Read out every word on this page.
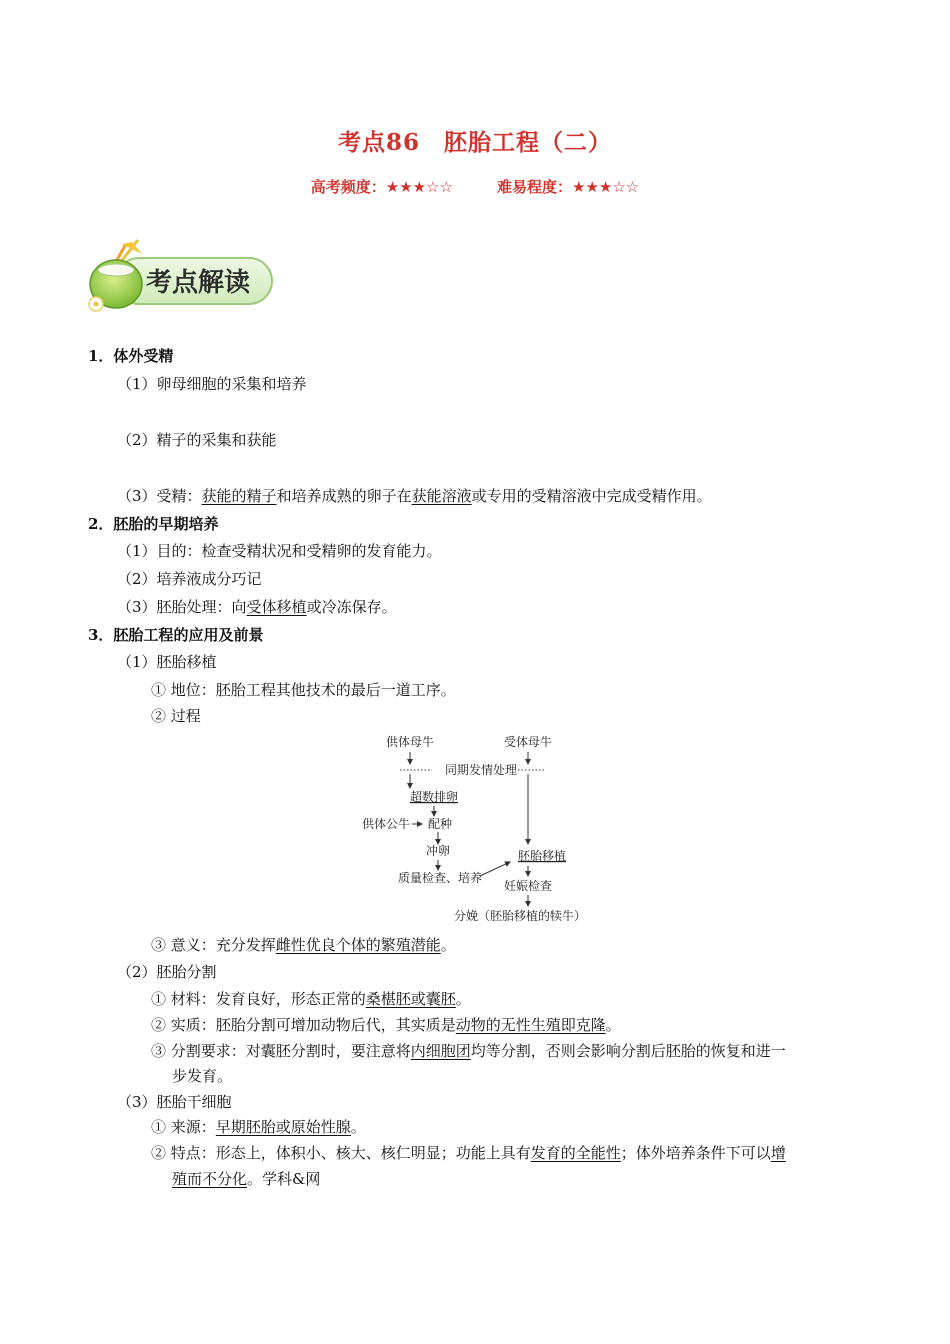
考点86　胚胎工程（二）
高考频度：★★★☆☆	难易程度：★★★☆☆
考点解读
1．体外受精
（1）卵母细胞的采集和培养
（2）精子的采集和获能
（3）受精：获能的精子和培养成熟的卵子在获能溶液或专用的受精溶液中完成受精作用。
2．胚胎的早期培养
（1）目的：检查受精状况和受精卵的发育能力。
（2）培养液成分巧记
（3）胚胎处理：向受体移植或冷冻保存。
3．胚胎工程的应用及前景
（1）胚胎移植
① 地位：胚胎工程其他技术的最后一道工序。
② 过程
供体母牛	受体母牛
同期发情处理
超数排卵
供体公牛 配种
冲卵
质量检查、培养
胚胎移植
妊娠检查
分娩（胚胎移植的犊牛）
③ 意义：充分发挥雌性优良个体的繁殖潜能。
（2）胚胎分割
① 材料：发育良好，形态正常的桑椹胚或囊胚。
② 实质：胚胎分割可增加动物后代，其实质是动物的无性生殖即克隆。
③ 分割要求：对囊胚分割时，要注意将内细胞团均等分割，否则会影响分割后胚胎的恢复和进一
步发育。
（3）胚胎干细胞
① 来源：早期胚胎或原始性腺。
② 特点：形态上，体积小、核大、核仁明显；功能上具有发育的全能性；体外培养条件下可以增
殖而不分化。学科&网
